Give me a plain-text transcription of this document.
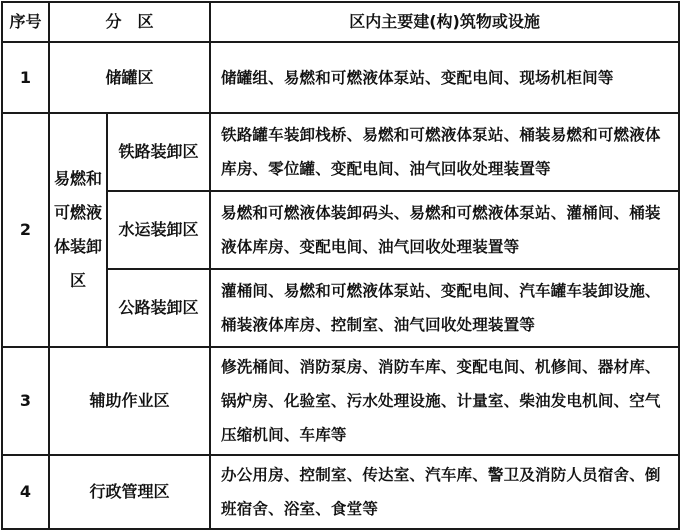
序号	分　区		区内主要建(构)筑物或设施
1	储罐区		储罐组、易燃和可燃液体泵站、变配电间、现场机柜间等
2	易燃和可燃液体装卸区	铁路装卸区	铁路罐车装卸栈桥、易燃和可燃液体泵站、桶装易燃和可燃液体库房、零位罐、变配电间、油气回收处理装置等
		水运装卸区	易燃和可燃液体装卸码头、易燃和可燃液体泵站、灌桶间、桶装液体库房、变配电间、油气回收处理装置等
		公路装卸区	灌桶间、易燃和可燃液体泵站、变配电间、汽车罐车装卸设施、桶装液体库房、控制室、油气回收处理装置等
3	辅助作业区		修洗桶间、消防泵房、消防车库、变配电间、机修间、器材库、锅炉房、化验室、污水处理设施、计量室、柴油发电机间、空气压缩机间、车库等
4	行政管理区		办公用房、控制室、传达室、汽车库、警卫及消防人员宿舍、倒班宿舍、浴室、食堂等
